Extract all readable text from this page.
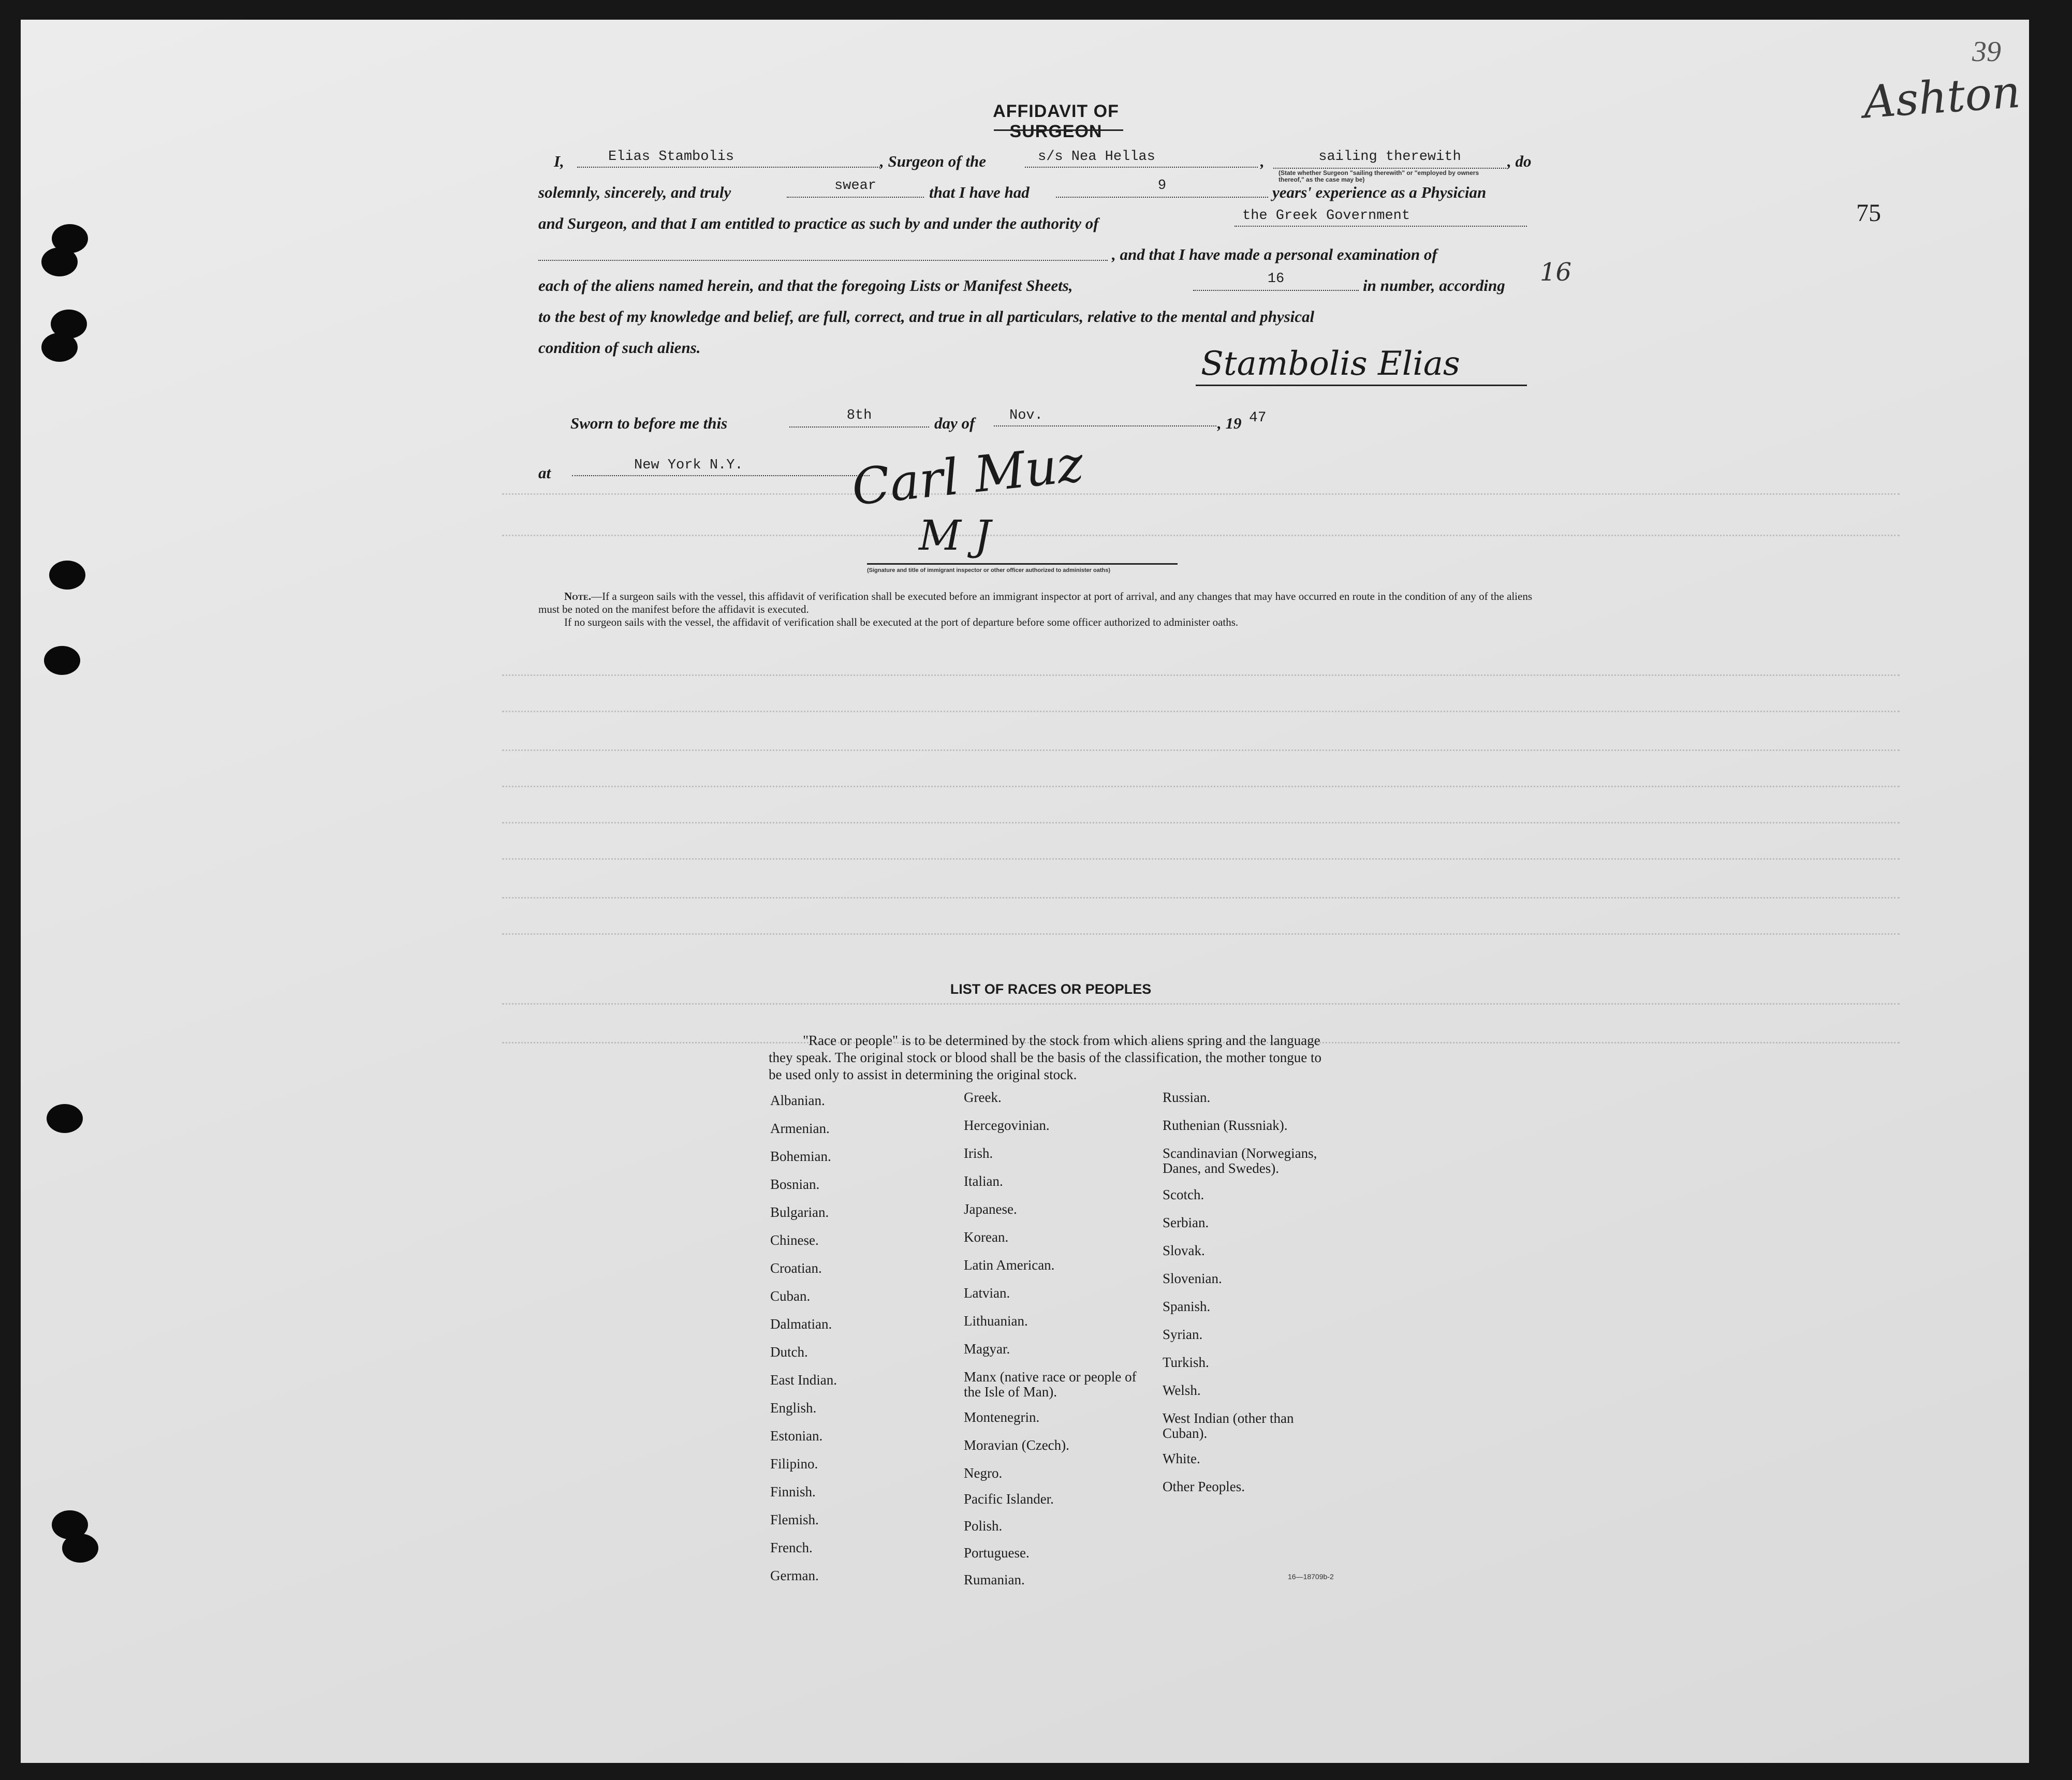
39
Ashton
75
16
AFFIDAVIT OF SURGEON
I,	Elias Stambolis	, Surgeon of the	s/s Nea Hellas	,	sailing therewith
(State whether Surgeon "sailing therewith" or "employed by owners thereof," as the case may be)
, do
solemnly, sincerely, and truly	swear	that I have had	9	years' experience as a Physician
and Surgeon, and that I am entitled to practice as such by and under the authority of	the Greek Government
, and that I have made a personal examination of
each of the aliens named herein, and that the foregoing Lists or Manifest Sheets,	16	in number, according
to the best of my knowledge and belief, are full, correct, and true in all particulars, relative to the mental and physical
condition of such aliens.	Stambolis Elias
Sworn to before me this	8th	day of	Nov.	, 19 47
at	New York N.Y.	Carl Muz
M J
(Signature and title of immigrant inspector or other officer authorized to administer oaths)
Note.—If a surgeon sails with the vessel, this affidavit of verification shall be executed before an immigrant inspector at port of arrival, and any changes that may have occurred en route in the condition of any of the aliens must be noted on the manifest before the affidavit is executed.
If no surgeon sails with the vessel, the affidavit of verification shall be executed at the port of departure before some officer authorized to administer oaths.
LIST OF RACES OR PEOPLES
"Race or people" is to be determined by the stock from which aliens spring and the language they speak. The original stock or blood shall be the basis of the classification, the mother tongue to be used only to assist in determining the original stock.
Albanian.
Armenian.
Bohemian.
Bosnian.
Bulgarian.
Chinese.
Croatian.
Cuban.
Dalmatian.
Dutch.
East Indian.
English.
Estonian.
Filipino.
Finnish.
Flemish.
French.
German.
Greek.
Hercegovinian.
Irish.
Italian.
Japanese.
Korean.
Latin American.
Latvian.
Lithuanian.
Magyar.
Manx (native race or people of the Isle of Man).
Montenegrin.
Moravian (Czech).
Negro.
Pacific Islander.
Polish.
Portuguese.
Rumanian.
Russian.
Ruthenian (Russniak).
Scandinavian (Norwegians, Danes, and Swedes).
Scotch.
Serbian.
Slovak.
Slovenian.
Spanish.
Syrian.
Turkish.
Welsh.
West Indian (other than Cuban).
White.
Other Peoples.
16—18709b-2
